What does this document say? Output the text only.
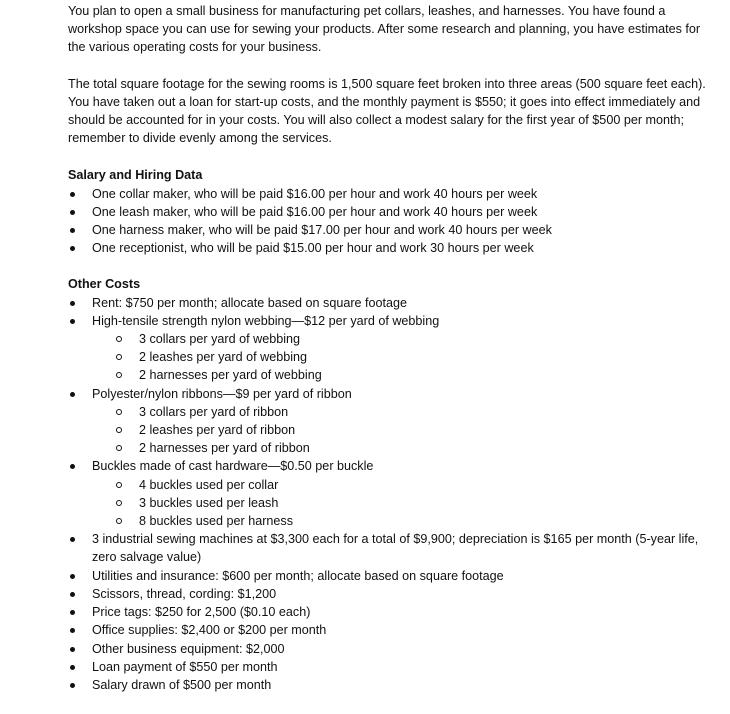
You plan to open a small business for manufacturing pet collars, leashes, and harnesses. You have found a workshop space you can use for sewing your products. After some research and planning, you have estimates for the various operating costs for your business.

The total square footage for the sewing rooms is 1,500 square feet broken into three areas (500 square feet each). You have taken out a loan for start-up costs, and the monthly payment is $550; it goes into effect immediately and should be accounted for in your costs. You will also collect a modest salary for the first year of $500 per month; remember to divide evenly among the services.

Salary and Hiring Data

One collar maker, who will be paid $16.00 per hour and work 40 hours per week
One leash maker, who will be paid $16.00 per hour and work 40 hours per week
One harness maker, who will be paid $17.00 per hour and work 40 hours per week
One receptionist, who will be paid $15.00 per hour and work 30 hours per week

Other Costs

Rent: $750 per month; allocate based on square footage
High-tensile strength nylon webbing—$12 per yard of webbing
3 collars per yard of webbing
2 leashes per yard of webbing
2 harnesses per yard of webbing
Polyester/nylon ribbons—$9 per yard of ribbon
3 collars per yard of ribbon
2 leashes per yard of ribbon
2 harnesses per yard of ribbon
Buckles made of cast hardware—$0.50 per buckle
4 buckles used per collar
3 buckles used per leash
8 buckles used per harness
3 industrial sewing machines at $3,300 each for a total of $9,900; depreciation is $165 per month (5-year life, zero salvage value)
Utilities and insurance: $600 per month; allocate based on square footage
Scissors, thread, cording: $1,200
Price tags: $250 for 2,500 ($0.10 each)
Office supplies: $2,400 or $200 per month
Other business equipment: $2,000
Loan payment of $550 per month
Salary drawn of $500 per month
